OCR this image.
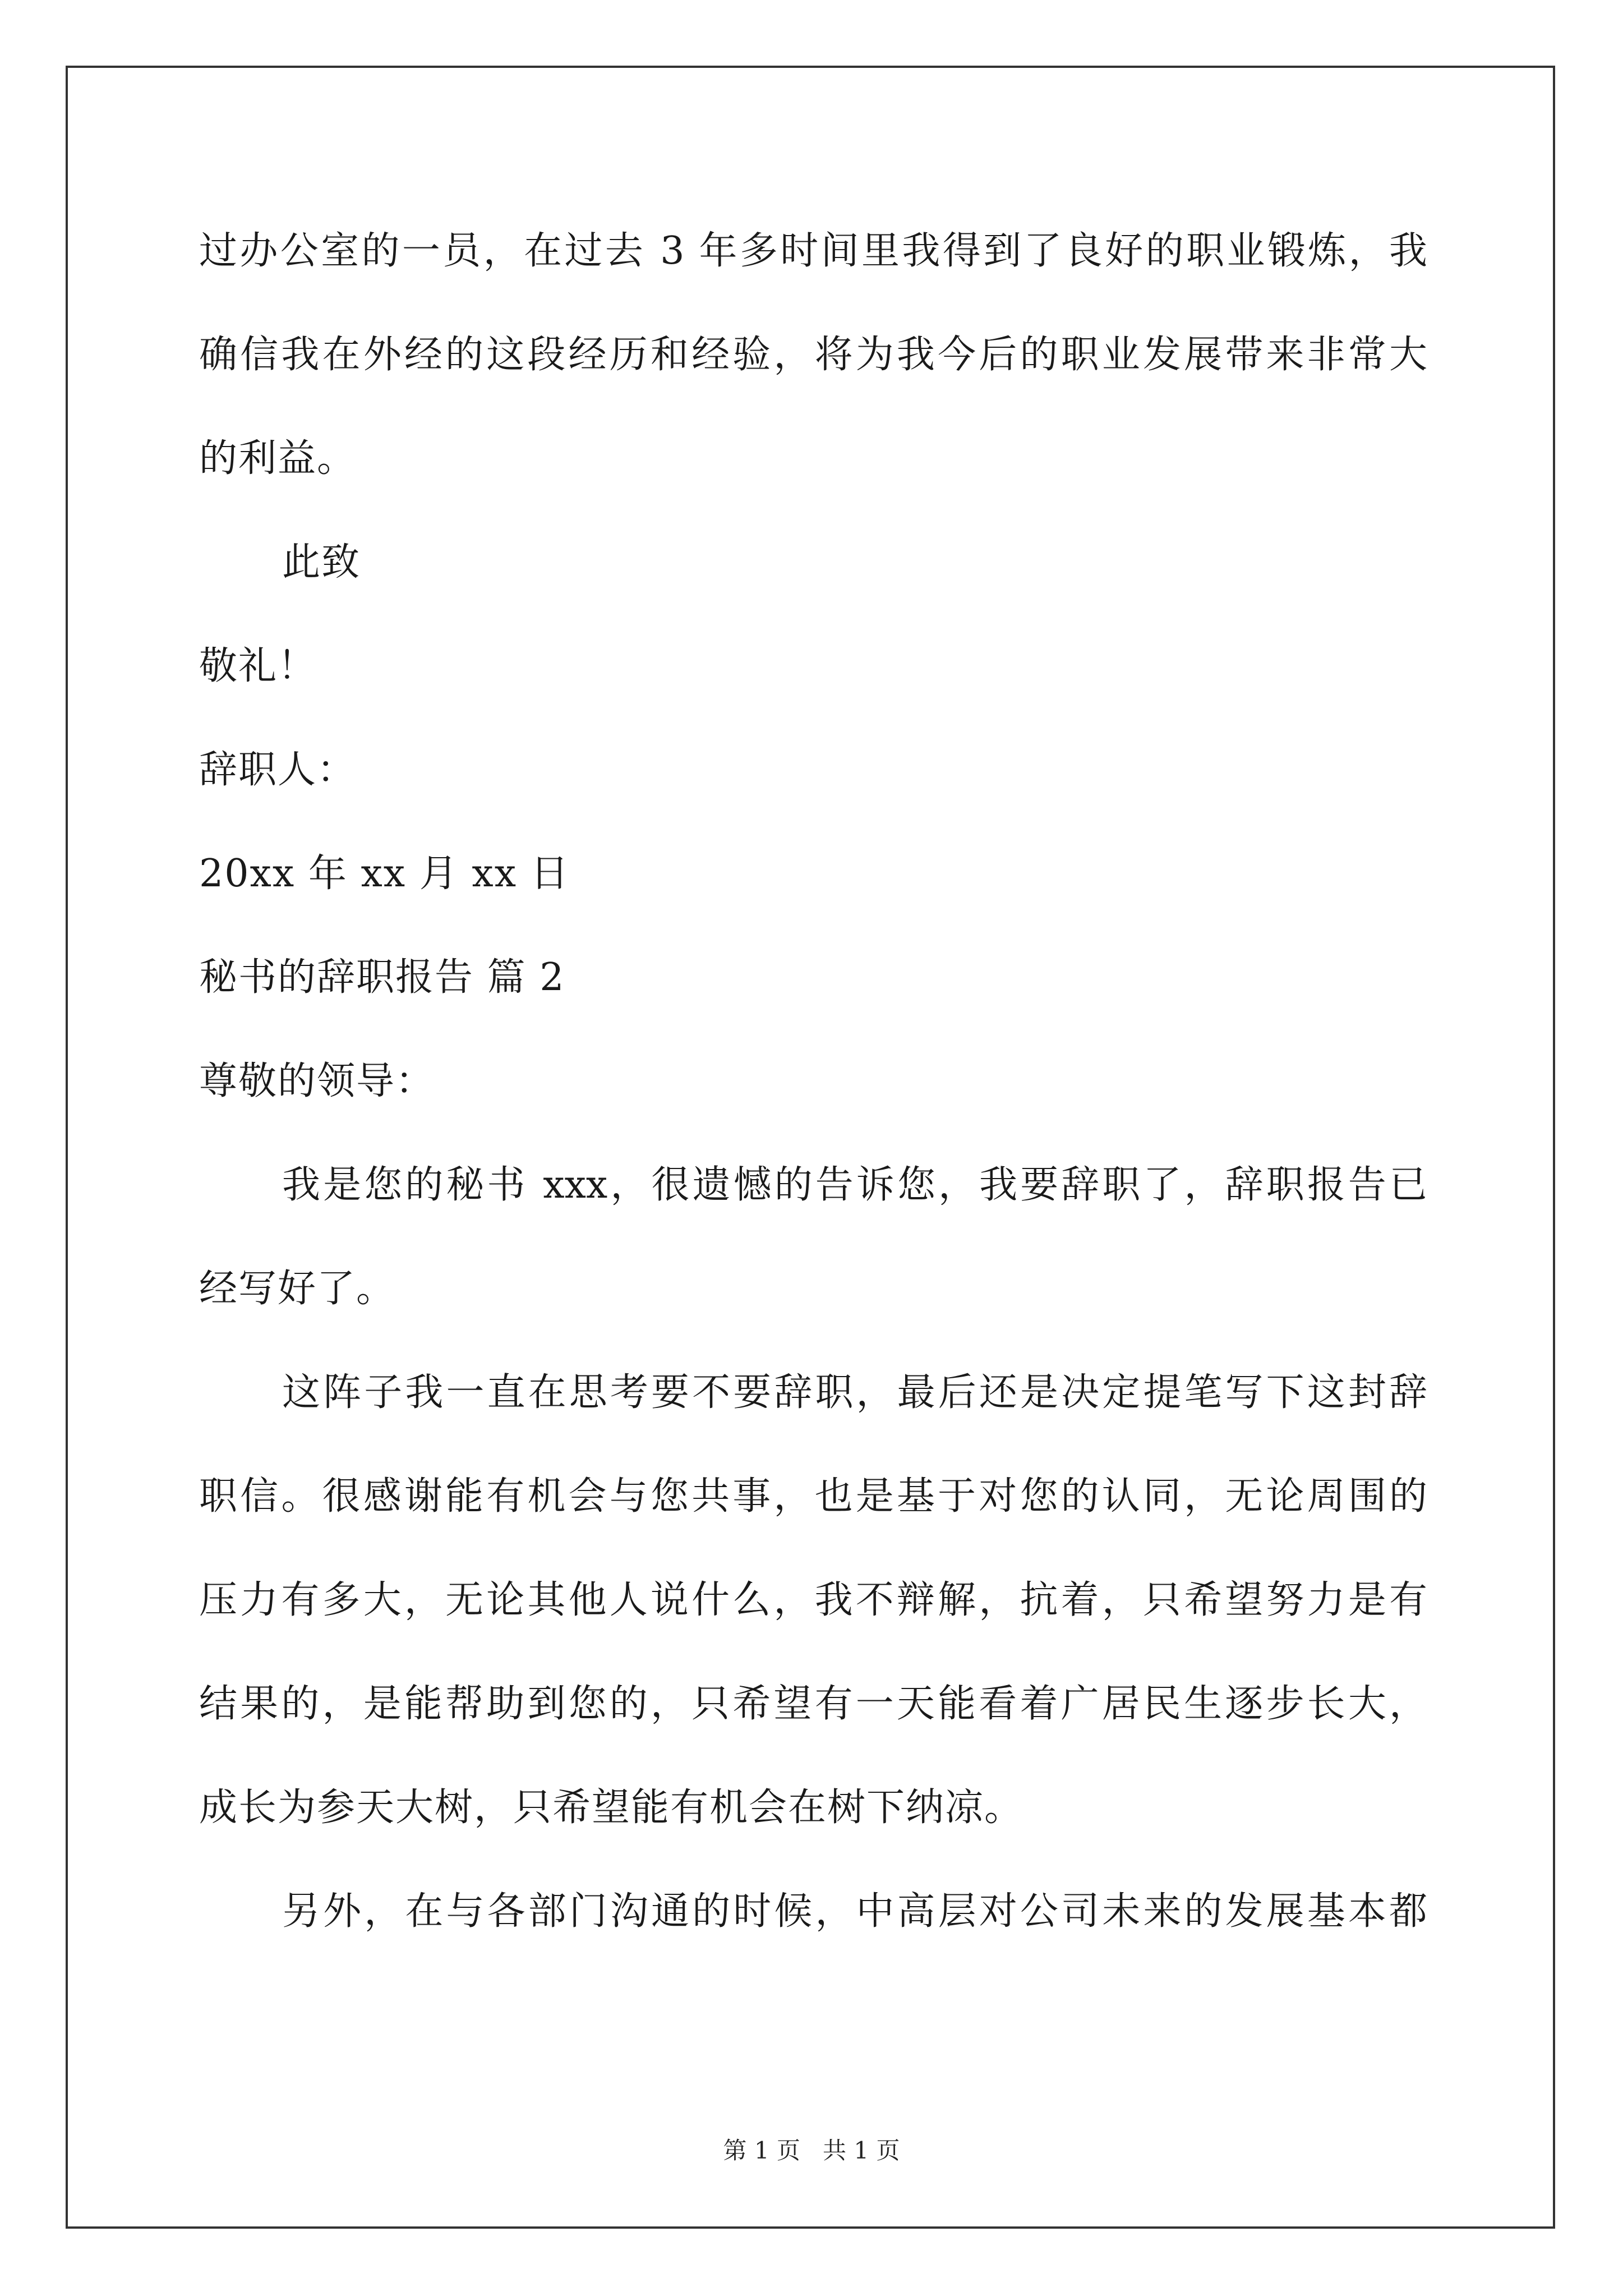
过办公室的一员，在过去 3 年多时间里我得到了良好的职业锻炼，我
确信我在外经的这段经历和经验，将为我今后的职业发展带来非常大
的利益。
此致
敬礼！
辞职人：
20xx 年 xx 月 xx 日
秘书的辞职报告 篇 2
尊敬的领导：
我是您的秘书 xxx，很遗憾的告诉您，我要辞职了，辞职报告已
经写好了。
这阵子我一直在思考要不要辞职，最后还是决定提笔写下这封辞
职信。很感谢能有机会与您共事，也是基于对您的认同，无论周围的
压力有多大，无论其他人说什么，我不辩解，抗着，只希望努力是有
结果的，是能帮助到您的，只希望有一天能看着广居民生逐步长大，
成长为参天大树，只希望能有机会在树下纳凉。
另外，在与各部门沟通的时候，中高层对公司未来的发展基本都
第 1 页   共 1 页
